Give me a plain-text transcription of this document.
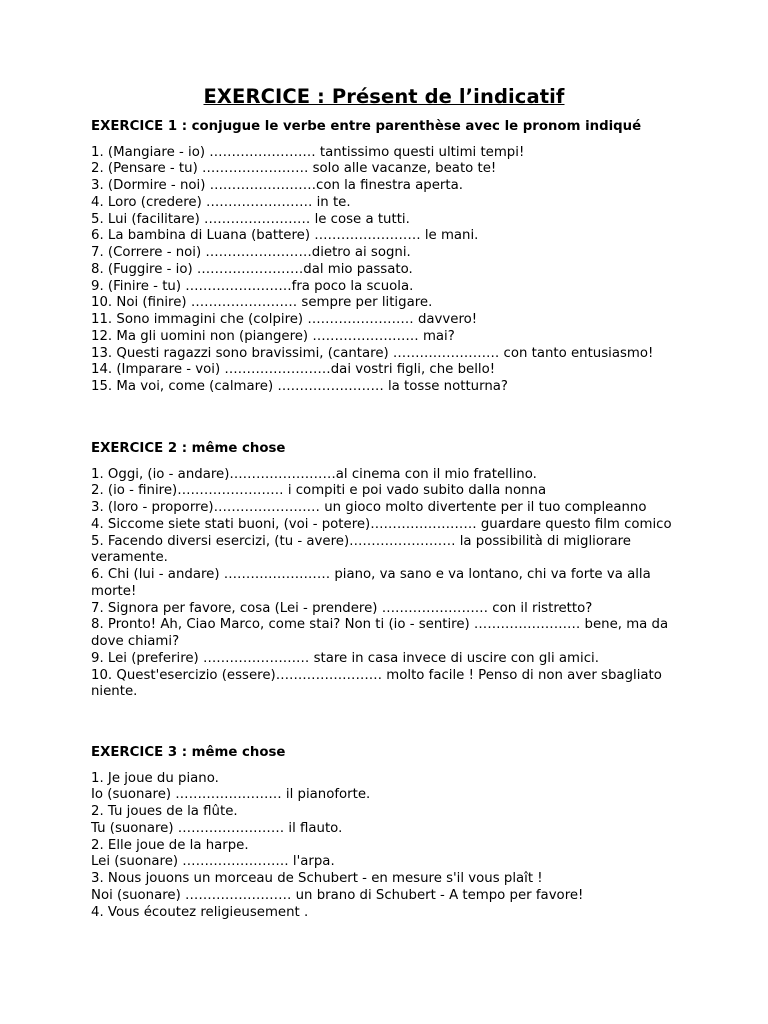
EXERCICE : Présent de l’indicatif
EXERCICE 1 : conjugue le verbe entre parenthèse avec le pronom indiqué
1. (Mangiare - io) …………………… tantissimo questi ultimi tempi!
2. (Pensare - tu) …………………… solo alle vacanze, beato te!
3. (Dormire - noi) ……………………con la finestra aperta.
4. Loro (credere) …………………… in te.
5. Lui (facilitare) …………………… le cose a tutti.
6. La bambina di Luana (battere) …………………… le mani.
7. (Correre - noi) ……………………dietro ai sogni.
8. (Fuggire - io) ……………………dal mio passato.
9. (Finire - tu) ……………………fra poco la scuola.
10. Noi (finire) …………………… sempre per litigare.
11. Sono immagini che (colpire) …………………… davvero!
12. Ma gli uomini non (piangere) …………………… mai?
13. Questi ragazzi sono bravissimi, (cantare) …………………… con tanto entusiasmo!
14. (Imparare - voi) ……………………dai vostri figli, che bello!
15. Ma voi, come (calmare) …………………… la tosse notturna?
EXERCICE 2 : même chose
1. Oggi, (io - andare)……………………al cinema con il mio fratellino.
2. (io - finire)…………………… i compiti e poi vado subito dalla nonna
3. (loro - proporre)…………………… un gioco molto divertente per il tuo compleanno
4. Siccome siete stati buoni, (voi - potere)…………………… guardare questo film comico
5. Facendo diversi esercizi, (tu - avere)…………………… la possibilità di migliorare veramente.
6. Chi (lui - andare) …………………… piano, va sano e va lontano, chi va forte va alla morte!
7. Signora per favore, cosa (Lei - prendere) …………………… con il ristretto?
8. Pronto! Ah, Ciao Marco, come stai? Non ti (io - sentire) …………………… bene, ma da dove chiami?
9. Lei (preferire) …………………… stare in casa invece di uscire con gli amici.
10. Quest'esercizio (essere)…………………… molto facile ! Penso di non aver sbagliato niente.
EXERCICE 3 : même chose
1. Je joue du piano.
Io (suonare) …………………… il pianoforte.
2. Tu joues de la flûte.
Tu (suonare) …………………… il flauto.
2. Elle joue de la harpe.
Lei (suonare) …………………… l'arpa.
3. Nous jouons un morceau de Schubert - en mesure s'il vous plaît !
Noi (suonare) …………………… un brano di Schubert - A tempo per favore!
4. Vous écoutez religieusement .
